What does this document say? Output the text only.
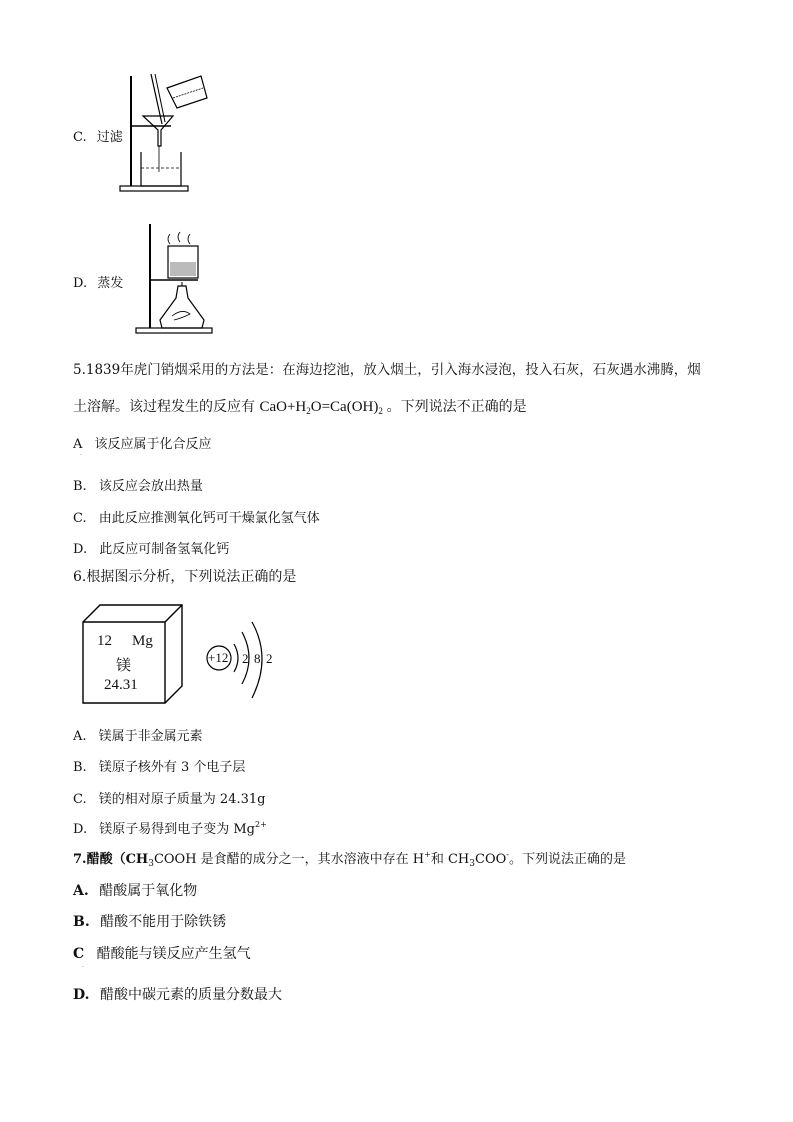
C. 过滤
D. 蒸发
5.1839年虎门销烟采用的方法是：在海边挖池，放入烟土，引入海水浸泡，投入石灰，石灰遇水沸腾，烟
土溶解。该过程发生的反应有 $CaO+H_2O=Ca(OH)_2$ 。下列说法不正确的是
A 该反应属于化合反应
.
B. 该反应会放出热量
C. 由此反应推测氧化钙可干燥氯化氢气体
D. 此反应可制备氢氧化钙
6.根据图示分析，下列说法正确的是
12 Mg
镁
24.31
+12 2 8 2
A. 镁属于非金属元素
B. 镁原子核外有 3 个电子层
C. 镁的相对原子质量为 24.31g
D. 镁原子易得到电子变为 $Mg^{2+}$
7.醋酸（$CH_3COOH$ 是食醋的成分之一，其水溶液中存在 H+和 $CH_3COO^-$。下列说法正确的是
A. 醋酸属于氧化物
B. 醋酸不能用于除铁锈
C 醋酸能与镁反应产生氢气
.
D. 醋酸中碳元素的质量分数最大
